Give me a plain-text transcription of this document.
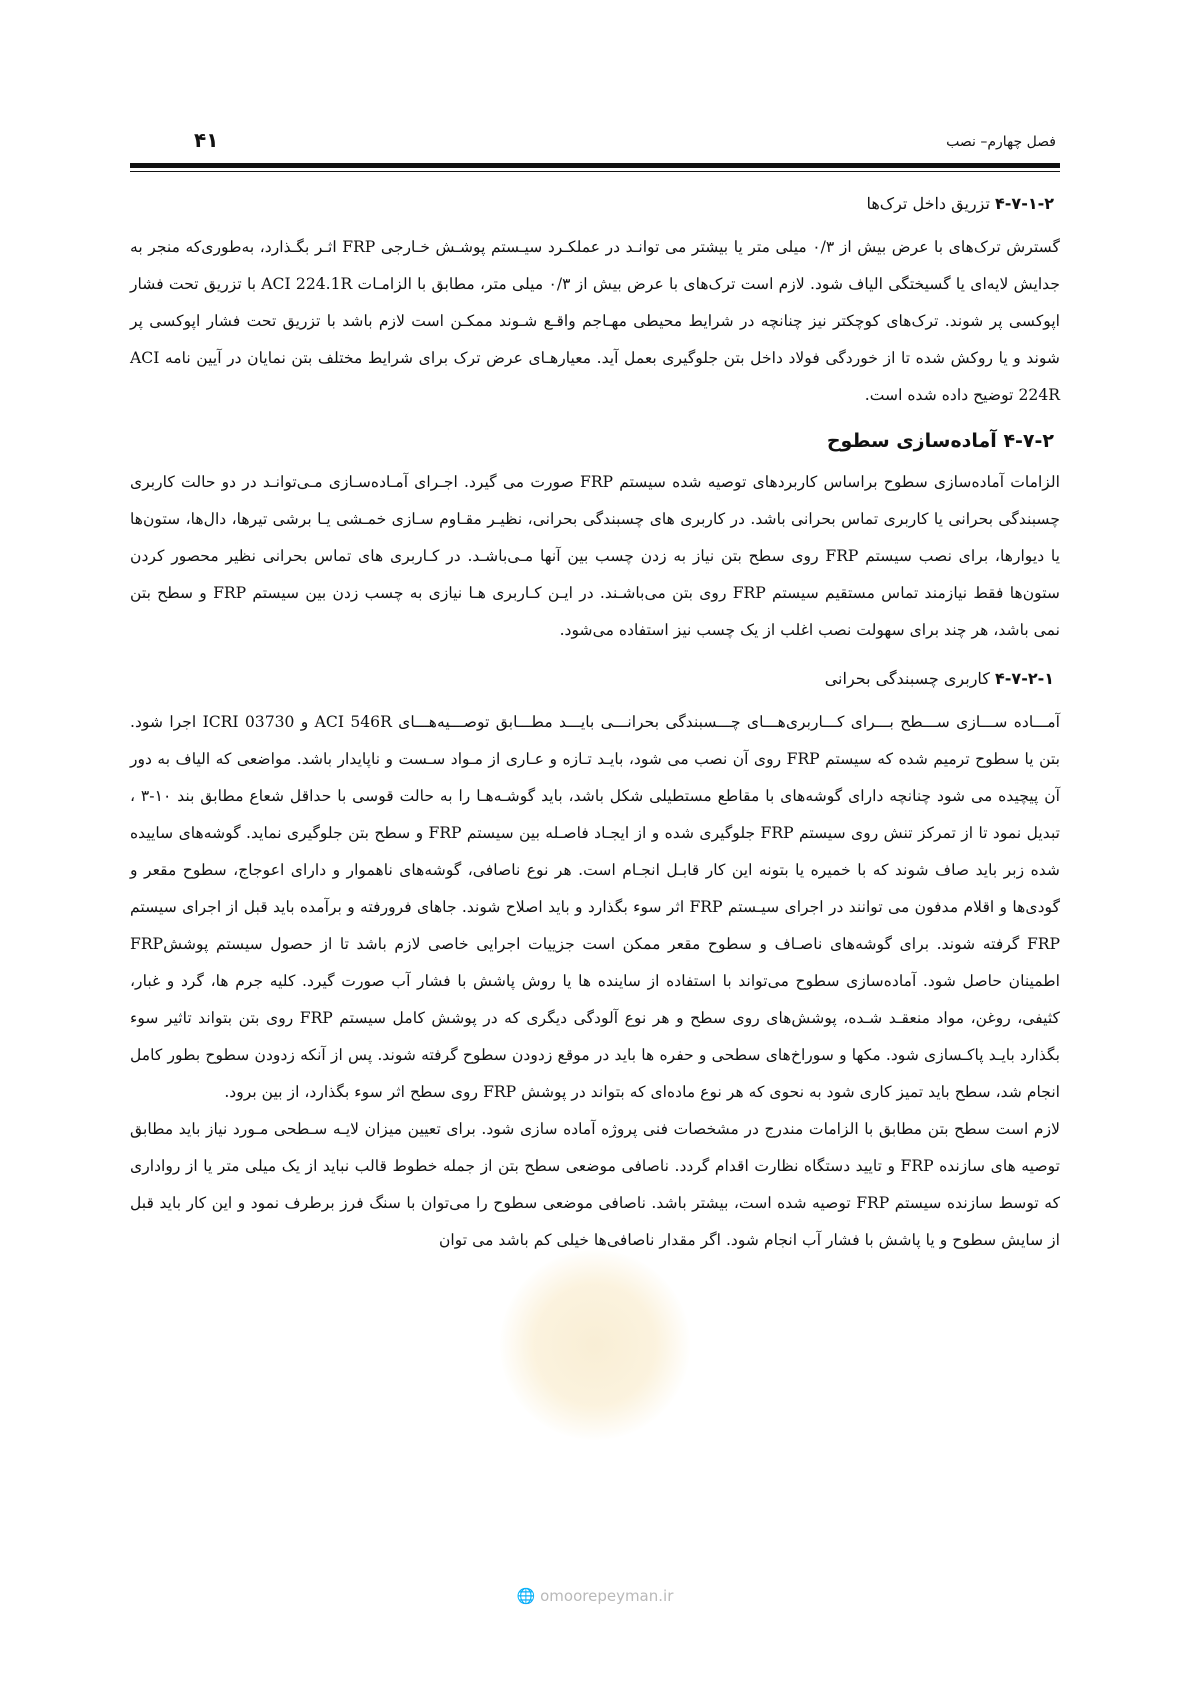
فصل چهارم– نصب
۴۱
۴-۷-۱-۲ تزریق داخل ترک‌ها

گسترش ترک‌های با عرض بیش از ۰/۳ میلی متر یا بیشتر می توانـد در عملکـرد سیـستم پوشـش خـارجی FRP اثـر بگـذارد، به‌طوری‌که منجر به جدایش لایه‌ای یا گسیختگی الیاف شود. لازم است ترک‌های با عرض بیش از ۰/۳ میلی متر، مطابق با الزامـات ACI 224.1R با تزریق تحت فشار اپوکسی پر شوند. ترک‌های کوچکتر نیز چنانچه در شرایط محیطی مهـاجم واقـع شـوند ممکـن است لازم باشد با تزریق تحت فشار اپوکسی پر شوند و یا روکش شده تا از خوردگی فولاد داخل بتن جلوگیری بعمل آید. معیارهـای عرض ترک برای شرایط مختلف بتن نمایان در آیین نامه ACI 224R توضیح داده شده است.

۴-۷-۲ آماده‌سازی سطوح

الزامات آماده‌سازی سطوح براساس کاربردهای توصیه شده سیستم FRP صورت می گیرد. اجـرای آمـاده‌سـازی مـی‌توانـد در دو حالت کاربری چسبندگی بحرانی یا کاربری تماس بحرانی باشد. در کاربری های چسبندگی بحرانی، نظیـر مقـاوم سـازی خمـشی یـا برشی تیرها، دال‌ها، ستون‌ها یا دیوارها، برای نصب سیستم FRP روی سطح بتن نیاز به زدن چسب بین آنها مـی‌باشـد. در کـاربری های تماس بحرانی نظیر محصور کردن ستون‌ها فقط نیازمند تماس مستقیم سیستم FRP روی بتن می‌باشـند. در ایـن کـاربری هـا نیازی به چسب زدن بین سیستم FRP و سطح بتن نمی باشد، هر چند برای سهولت نصب اغلب از یک چسب نیز استفاده می‌شود.

۴-۷-۲-۱ کاربری چسبندگی بحرانی

آمـــاده ســـازی ســـطح بـــرای کـــاربری‌هـــای چـــسبندگی بحرانـــی بایـــد مطـــابق توصـــیه‌هـــای ACI 546R و ICRI 03730 اجرا شود. بتن یا سطوح ترمیم شده که سیستم FRP روی آن نصب می شود، بایـد تـازه و عـاری از مـواد سـست و ناپایدار باشد. مواضعی که الیاف به دور آن پیچیده می شود چنانچه دارای گوشه‌های با مقاطع مستطیلی شکل باشد، باید گوشـه‌هـا را به حالت قوسی با حداقل شعاع مطابق بند ۱۰-۳ ، تبدیل نمود تا از تمرکز تنش روی سیستم FRP جلوگیری شده و از ایجـاد فاصـله بین سیستم FRP و سطح بتن جلوگیری نماید. گوشه‌های ساییده شده زبر باید صاف شوند که با خمیره یا بتونه این کار قابـل انجـام است. هر نوع ناصافی، گوشه‌های ناهموار و دارای اعوجاج، سطوح مقعر و گودی‌ها و اقلام مدفون می توانند در اجرای سیـستم FRP اثر سوء بگذارد و باید اصلاح شوند. جاهای فرورفته و برآمده باید قبل از اجرای سیستم FRP گرفته شوند. برای گوشه‌های ناصـاف و سطوح مقعر ممکن است جزییات اجرایی خاصی لازم باشد تا از حصول سیستم پوششFRP اطمینان حاصل شود. آماده‌سازی سطوح می‌تواند با استفاده از ساینده ها یا روش پاشش با فشار آب صورت گیرد. کلیه جرم ها، گرد و غبار، کثیفی، روغن، مواد منعقـد شـده، پوشش‌های روی سطح و هر نوع آلودگی دیگری که در پوشش کامل سیستم FRP روی بتن بتواند تاثیر سوء بگذارد بایـد پاکـسازی شود. مکها و سوراخ‌های سطحی و حفره ها باید در موقع زدودن سطوح گرفته شوند. پس از آنکه زدودن سطوح بطور کامل انجام شد، سطح باید تمیز کاری شود به نحوی که هر نوع ماده‌ای که بتواند در پوشش FRP روی سطح اثر سوء بگذارد، از بین برود.

لازم است سطح بتن مطابق با الزامات مندرج در مشخصات فنی پروژه آماده سازی شود. برای تعیین میزان لایـه سـطحی مـورد نیاز باید مطابق توصیه های سازنده FRP و تایید دستگاه نظارت اقدام گردد. ناصافی موضعی سطح بتن از جمله خطوط قالب نباید از یک میلی متر یا از رواداری که توسط سازنده سیستم FRP توصیه شده است، بیشتر باشد. ناصافی موضعی سطوح را می‌توان با سنگ فرز برطرف نمود و این کار باید قبل از سایش سطوح و یا پاشش با فشار آب انجام شود. اگر مقدار ناصافی‌ها خیلی کم باشد می توان

🌐 omoorepeyman.ir
